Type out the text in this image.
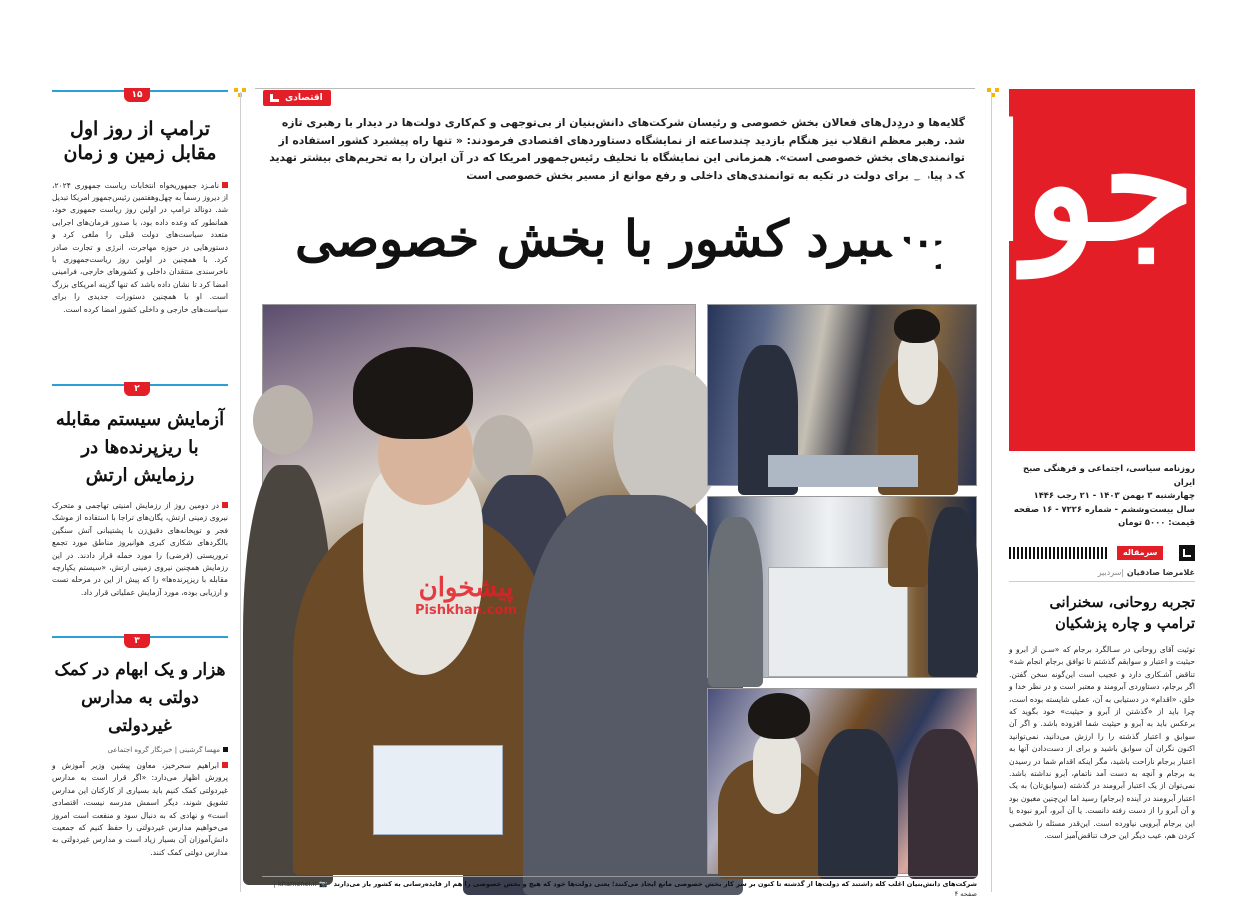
۱۵
ترامپ از روز اول مقابل زمین و زمان

نامـزد جمهوریخواه انتخابات ریاست جمهوری ۲۰۲۴، از دیروز رسماً به چهل‌وهفتمین رئیس‌جمهور امریکا تبدیل شد. دونالد ترامپ در اولین روز ریاست جمهوری خود، همانطور که وعده داده بود، با صدور فرمان‌های اجرایی متعدد سیاست‌های دولت قبلی را ملغی کرد و دستورهایی در حوزه مهاجرت، انرژی و تجارت صادر کرد. با همچنین در اولین روز ریاست‌جمهوری با ناخرسندی منتقدان داخلی و کشورهای خارجی، فرامینی امضا کرد تا نشان داده باشد که تنها گزینه امریکای بزرگ است. او با همچنین دستورات جدیدی را برای سیاست‌های خارجی و داخلی کشور امضا کرده است.

۲
آزمایش سیستم مقابله با ریزپرنده‌ها در رزمایش ارتش

در دومین روز از رزمایش امنیتی تهاجمی و متحرک نیروی زمینی ارتش، یگان‌های تراجا با استفاده از موشک فجر و توپخانه‌های دقیق‌زن با پشتیبانی آتش سنگین بالگردهای شکاری کبری هوانیروز مناطق مورد تجمع تروریستی (فرضی) را مورد حمله قرار دادند. در این رزمایش همچنین نیروی زمینی ارتش، «سیستم یکپارچه مقابله با ریزپرنده‌ها» را که پیش از این در مرحله تست و ارزیابی بوده، مورد آزمایش عملیاتی قرار داد.

۳
هزار و یک ابهام در کمک دولتی به مدارس غیردولتی
مهسا گرشینی | خبرنگار گروه اجتماعی

ابراهیم سحرخیز، معاون پیشین وزیر آموزش و پرورش اظهار می‌دارد: «اگر قرار است به مدارس غیردولتی کمک کنیم باید بسیاری از کارکنان این مدارس تشویق شوند، دیگر اسمش مدرسه نیست، اقتصادی است» و نهادی که به دنبال سود و منفعت است امروز می‌خواهیم مدارس غیردولتی را حفظ کنیم که جمعیت دانش‌آموزان آن بسیار زیاد است و مدارس غیردولتی به مدارس دولتی کمک کنند.

اقتصادی

گلایه‌ها و دردِدل‌های فعالان بخش خصوصی و رئیسان شرکت‌های دانش‌بنیان از بی‌توجهی و کم‌کاری دولت‌ها در دیدار با رهبری تازه شد. رهبر معظم انقلاب نیز هنگام بازدید چندساعته از نمایشگاه دستاوردهای اقتصادی فرمودند: « تنها راه پیشبرد کشور استفاده از توانمندی‌های بخش خصوصی است». همزمانی این نمایشگاه با تحلیف رئیس‌جمهور امریکا که در آن ایران را به تحریم‌های بیشتر تهدید کرد پیامی برای دولت در تکیه به توانمندی‌های داخلی و رفع موانع از مسیر بخش خصوصی است

پیشبرد کشور با بخش خصوصی
پیشخوان
Pishkhan.com

شرکت‌های دانش‌بنیان اغلب کله داشتند که دولت‌ها از گذشته تا کنون بر سر کار بخش خصوصی مانع ایجاد می‌کنند؛ یعنی دولت‌ها خود که هیچ و بخش خصوصی را هم از فایده‌رسانی به کشور باز می‌دارند 📷 khamenei.ir | صفحه ۴

جوان
روزنامه سیاسی، اجتماعی و فرهنگی صبح ایران
چهارشنبه ۳ بهمن ۱۴۰۳ - ۲۱ رجب ۱۴۴۶
سال بیست‌وششم - شماره ۷۲۲۶ - ۱۶ صفحه
قیمت: ۵۰۰۰ تومان
سرمقاله
غلامرضا صادقیان |سردبیر
تجربه روحانی، سخنرانی ترامپ و چاره پزشکیان

توئیت آقای روحانی در سـالگرد برجام که «سـن از ابرو و حیثیت و اعتبار و سوابقم گذشتم تا توافق برجام انجام شد» تناقض آشـکاری دارد و عجیب است این‌گونه سخن گفتن. اگر برجام، دستاوردی آبرومند و معتبر است و در نظر خدا و خلق، «اقدام» در دستیابی به آن، عملی شایسته بوده است، چرا باید از «گذشتن از آبرو و حیثیت» خود بگوید که برعکس باید به آبرو و حیثیت شما افزوده باشد. و اگر آن سوابق و اعتبار گذشته را را ارزش می‌دانید، نمی‌توانید اکنون نگران آن سوابق باشید و برای از دست‌دادن آنها به اعتبار برجام ناراحت باشید، مگر اینکه اقدام شما در رسیدن به برجام و آنچه به دست آمد ناتمام، آبرو نداشته باشد. نمی‌توان از یک اعتبار آبرومند در گذشته (سوابق‌تان) به یک اعتبار آبرومند در آینده (برجام) رسید اما این‌چنین مغبون بود و آن آبرو را از دست رفته دانست. یا آن آبرو، آبرو نبوده یا این برجام آبرویی نیاورده است. این‌قدر مسئله را شخصی کردن هم، عیب دیگر این حرف تناقض‌آمیز است.
